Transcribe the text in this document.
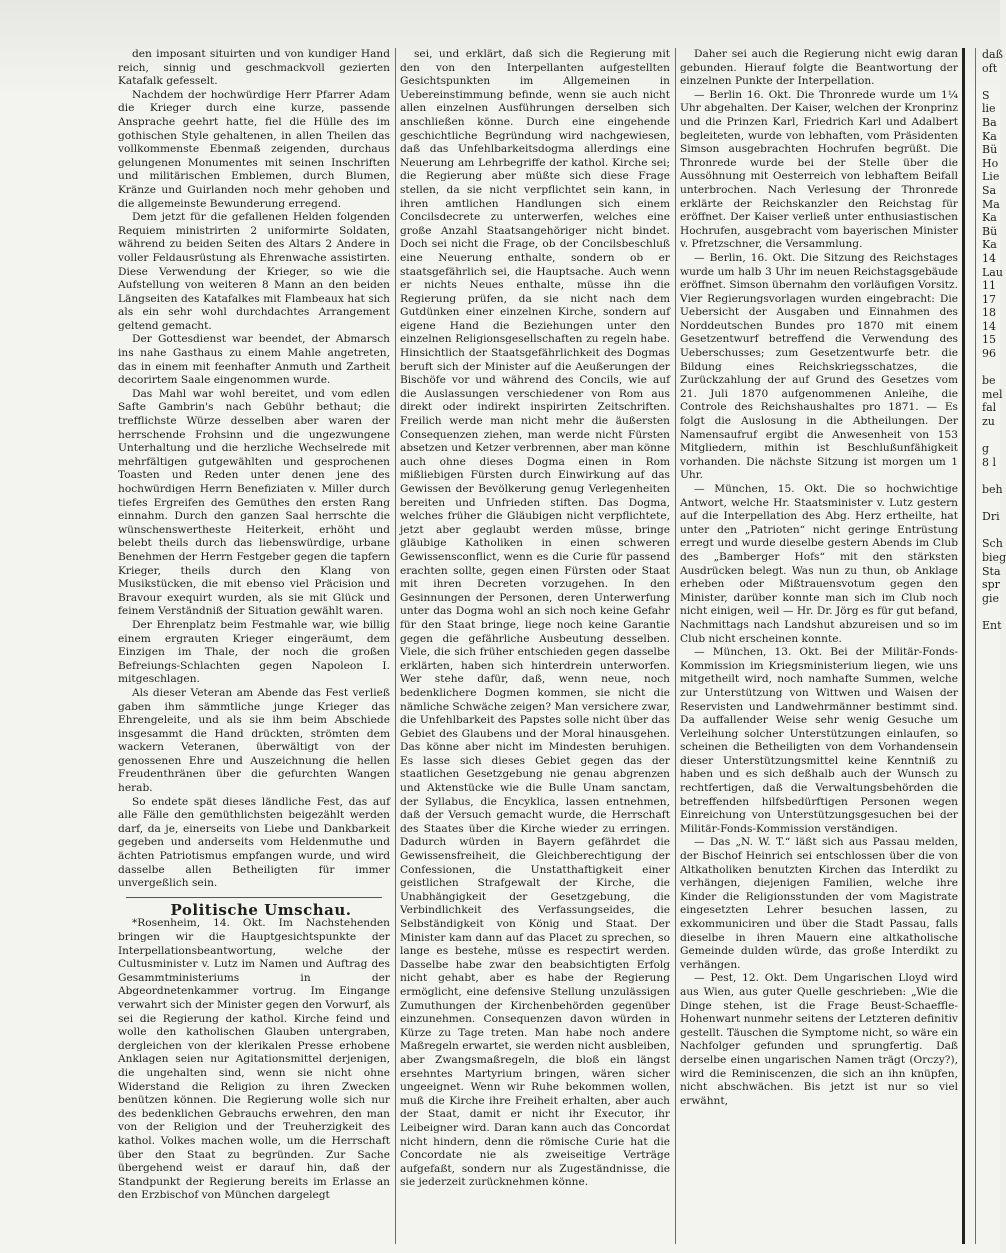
den imposant situirten und von kundiger Hand reich, sinnig und geschmackvoll gezierten Katafalk gefesselt.

Nachdem der hochwürdige Herr Pfarrer Adam die Krieger durch eine kurze, passende Ansprache geehrt hatte, fiel die Hülle des im gothischen Style gehaltenen, in allen Theilen das vollkommenste Ebenmaß zeigenden, durchaus gelungenen Monumentes mit seinen Inschriften und militärischen Emblemen, durch Blumen, Kränze und Guirlanden noch mehr gehoben und die allgemeinste Bewunderung erregend.

Dem jetzt für die gefallenen Helden folgenden Requiem ministrirten 2 uniformirte Soldaten, während zu beiden Seiten des Altars 2 Andere in voller Feldausrüstung als Ehrenwache assistirten. Diese Verwendung der Krieger, so wie die Aufstellung von weiteren 8 Mann an den beiden Längseiten des Katafalkes mit Flambeaux hat sich als ein sehr wohl durchdachtes Arrangement geltend gemacht.

Der Gottesdienst war beendet, der Abmarsch ins nahe Gasthaus zu einem Mahle angetreten, das in einem mit feenhafter Anmuth und Zartheit decorirtem Saale eingenommen wurde.

Das Mahl war wohl bereitet, und vom edlen Safte Gambrin's nach Gebühr bethaut; die trefflichste Würze desselben aber waren der herrschende Frohsinn und die ungezwungene Unterhaltung und die herzliche Wechselrede mit mehrfältigen gutgewählten und gesprochenen Toasten und Reden unter denen jene des hochwürdigen Herrn Benefiziaten v. Miller durch tiefes Ergreifen des Gemüthes den ersten Rang einnahm. Durch den ganzen Saal herrschte die wünschenswertheste Heiterkeit, erhöht und belebt theils durch das liebenswürdige, urbane Benehmen der Herrn Festgeber gegen die tapfern Krieger, theils durch den Klang von Musikstücken, die mit ebenso viel Präcision und Bravour exequirt wurden, als sie mit Glück und feinem Verständniß der Situation gewählt waren.

Der Ehrenplatz beim Festmahle war, wie billig einem ergrauten Krieger eingeräumt, dem Einzigen im Thale, der noch die großen Befreiungs-Schlachten gegen Napoleon I. mitgeschlagen.

Als dieser Veteran am Abende das Fest verließ gaben ihm sämmtliche junge Krieger das Ehrengeleite, und als sie ihm beim Abschiede insgesammt die Hand drückten, strömten dem wackern Veteranen, überwältigt von der genossenen Ehre und Auszeichnung die hellen Freudenthränen über die gefurchten Wangen herab.

So endete spät dieses ländliche Fest, das auf alle Fälle den gemüthlichsten beigezählt werden darf, da je, einerseits von Liebe und Dankbarkeit gegeben und anderseits vom Heldenmuthe und ächten Patriotismus empfangen wurde, und wird dasselbe allen Betheiligten für immer unvergeßlich sein.

Politische Umschau.

*Rosenheim, 14. Okt. Im Nachstehenden bringen wir die Hauptgesichtspunkte der Interpellationsbeantwortung, welche der Cultusminister v. Lutz im Namen und Auftrag des Gesammtministeriums in der Abgeordnetenkammer vortrug. Im Eingange verwahrt sich der Minister gegen den Vorwurf, als sei die Regierung der kathol. Kirche feind und wolle den katholischen Glauben untergraben, dergleichen von der klerikalen Presse erhobene Anklagen seien nur Agitationsmittel derjenigen, die ungehalten sind, wenn sie nicht ohne Widerstand die Religion zu ihren Zwecken benützen können. Die Regierung wolle sich nur des bedenklichen Gebrauchs erwehren, den man von der Religion und der Treuherzigkeit des kathol. Volkes machen wolle, um die Herrschaft über den Staat zu begründen. Zur Sache übergehend weist er darauf hin, daß der Standpunkt der Regierung bereits im Erlasse an den Erzbischof von München dargelegt

sei, und erklärt, daß sich die Regierung mit den von den Interpellanten aufgestellten Gesichtspunkten im Allgemeinen in Uebereinstimmung befinde, wenn sie auch nicht allen einzelnen Ausführungen derselben sich anschließen könne. Durch eine eingehende geschichtliche Begründung wird nachgewiesen, daß das Unfehlbarkeitsdogma allerdings eine Neuerung am Lehrbegriffe der kathol. Kirche sei; die Regierung aber müßte sich diese Frage stellen, da sie nicht verpflichtet sein kann, in ihren amtlichen Handlungen sich einem Concilsdecrete zu unterwerfen, welches eine große Anzahl Staatsangehöriger nicht bindet. Doch sei nicht die Frage, ob der Concilsbeschluß eine Neuerung enthalte, sondern ob er staatsgefährlich sei, die Hauptsache. Auch wenn er nichts Neues enthalte, müsse ihn die Regierung prüfen, da sie nicht nach dem Gutdünken einer einzelnen Kirche, sondern auf eigene Hand die Beziehungen unter den einzelnen Religionsgesellschaften zu regeln habe. Hinsichtlich der Staatsgefährlichkeit des Dogmas beruft sich der Minister auf die Aeußerungen der Bischöfe vor und während des Concils, wie auf die Auslassungen verschiedener von Rom aus direkt oder indirekt inspirirten Zeitschriften. Freilich werde man nicht mehr die äußersten Consequenzen ziehen, man werde nicht Fürsten absetzen und Ketzer verbrennen, aber man könne auch ohne dieses Dogma einen in Rom mißliebigen Fürsten durch Einwirkung auf das Gewissen der Bevölkerung genug Verlegenheiten bereiten und Unfrieden stiften. Das Dogma, welches früher die Gläubigen nicht verpflichtete, jetzt aber geglaubt werden müsse, bringe gläubige Katholiken in einen schweren Gewissensconflict, wenn es die Curie für passend erachten sollte, gegen einen Fürsten oder Staat mit ihren Decreten vorzugehen. In den Gesinnungen der Personen, deren Unterwerfung unter das Dogma wohl an sich noch keine Gefahr für den Staat bringe, liege noch keine Garantie gegen die gefährliche Ausbeutung desselben. Viele, die sich früher entschieden gegen dasselbe erklärten, haben sich hinterdrein unterworfen. Wer stehe dafür, daß, wenn neue, noch bedenklichere Dogmen kommen, sie nicht die nämliche Schwäche zeigen? Man versichere zwar, die Unfehlbarkeit des Papstes solle nicht über das Gebiet des Glaubens und der Moral hinausgehen. Das könne aber nicht im Mindesten beruhigen. Es lasse sich dieses Gebiet gegen das der staatlichen Gesetzgebung nie genau abgrenzen und Aktenstücke wie die Bulle Unam sanctam, der Syllabus, die Encyklica, lassen entnehmen, daß der Versuch gemacht wurde, die Herrschaft des Staates über die Kirche wieder zu erringen. Dadurch würden in Bayern gefährdet die Gewissensfreiheit, die Gleichberechtigung der Confessionen, die Unstatthaftigkeit einer geistlichen Strafgewalt der Kirche, die Unabhängigkeit der Gesetzgebung, die Verbindlichkeit des Verfassungseides, die Selbständigkeit von König und Staat. Der Minister kam dann auf das Placet zu sprechen, so lange es bestehe, müsse es respectirt werden. Dasselbe habe zwar den beabsichtigten Erfolg nicht gehabt, aber es habe der Regierung ermöglicht, eine defensive Stellung unzulässigen Zumuthungen der Kirchenbehörden gegenüber einzunehmen. Consequenzen davon würden in Kürze zu Tage treten. Man habe noch andere Maßregeln erwartet, sie werden nicht ausbleiben, aber Zwangsmaßregeln, die bloß ein längst ersehntes Martyrium bringen, wären sicher ungeeignet. Wenn wir Ruhe bekommen wollen, muß die Kirche ihre Freiheit erhalten, aber auch der Staat, damit er nicht ihr Executor, ihr Leibeigner wird. Daran kann auch das Concordat nicht hindern, denn die römische Curie hat die Concordate nie als zweiseitige Verträge aufgefaßt, sondern nur als Zugeständnisse, die sie jederzeit zurücknehmen könne.

Daher sei auch die Regierung nicht ewig daran gebunden. Hierauf folgte die Beantwortung der einzelnen Punkte der Interpellation.

— Berlin 16. Okt. Die Thronrede wurde um 1¼ Uhr abgehalten. Der Kaiser, welchen der Kronprinz und die Prinzen Karl, Friedrich Karl und Adalbert begleiteten, wurde von lebhaften, vom Präsidenten Simson ausgebrachten Hochrufen begrüßt. Die Thronrede wurde bei der Stelle über die Aussöhnung mit Oesterreich von lebhaftem Beifall unterbrochen. Nach Verlesung der Thronrede erklärte der Reichskanzler den Reichstag für eröffnet. Der Kaiser verließ unter enthusiastischen Hochrufen, ausgebracht vom bayerischen Minister v. Pfretzschner, die Versammlung.

— Berlin, 16. Okt. Die Sitzung des Reichstages wurde um halb 3 Uhr im neuen Reichstagsgebäude eröffnet. Simson übernahm den vorläufigen Vorsitz. Vier Regierungsvorlagen wurden eingebracht: Die Uebersicht der Ausgaben und Einnahmen des Norddeutschen Bundes pro 1870 mit einem Gesetzentwurf betreffend die Verwendung des Ueberschusses; zum Gesetzentwurfe betr. die Bildung eines Reichskriegsschatzes, die Zurückzahlung der auf Grund des Gesetzes vom 21. Juli 1870 aufgenommenen Anleihe, die Controle des Reichshaushaltes pro 1871. — Es folgt die Auslosung in die Abtheilungen. Der Namensaufruf ergibt die Anwesenheit von 153 Mitgliedern, mithin ist Beschlußunfähigkeit vorhanden. Die nächste Sitzung ist morgen um 1 Uhr.

— München, 15. Okt. Die so hochwichtige Antwort, welche Hr. Staatsminister v. Lutz gestern auf die Interpellation des Abg. Herz ertheilte, hat unter den „Patrioten“ nicht geringe Entrüstung erregt und wurde dieselbe gestern Abends im Club des „Bamberger Hofs“ mit den stärksten Ausdrücken belegt. Was nun zu thun, ob Anklage erheben oder Mißtrauensvotum gegen den Minister, darüber konnte man sich im Club noch nicht einigen, weil — Hr. Dr. Jörg es für gut befand, Nachmittags nach Landshut abzureisen und so im Club nicht erscheinen konnte.

— München, 13. Okt. Bei der Militär-Fonds-Kommission im Kriegsministerium liegen, wie uns mitgetheilt wird, noch namhafte Summen, welche zur Unterstützung von Wittwen und Waisen der Reservisten und Landwehrmänner bestimmt sind. Da auffallender Weise sehr wenig Gesuche um Verleihung solcher Unterstützungen einlaufen, so scheinen die Betheiligten von dem Vorhandensein dieser Unterstützungsmittel keine Kenntniß zu haben und es sich deßhalb auch der Wunsch zu rechtfertigen, daß die Verwaltungsbehörden die betreffenden hilfsbedürftigen Personen wegen Einreichung von Unterstützungsgesuchen bei der Militär-Fonds-Kommission verständigen.

— Das „N. W. T.“ läßt sich aus Passau melden, der Bischof Heinrich sei entschlossen über die von Altkatholiken benutzten Kirchen das Interdikt zu verhängen, diejenigen Familien, welche ihre Kinder die Religionsstunden der vom Magistrate eingesetzten Lehrer besuchen lassen, zu exkommuniciren und über die Stadt Passau, falls dieselbe in ihren Mauern eine altkatholische Gemeinde dulden würde, das große Interdikt zu verhängen.

— Pest, 12. Okt. Dem Ungarischen Lloyd wird aus Wien, aus guter Quelle geschrieben: „Wie die Dinge stehen, ist die Frage Beust-Schaeffle-Hohenwart nunmehr seitens der Letzteren definitiv gestellt. Täuschen die Symptome nicht, so wäre ein Nachfolger gefunden und sprungfertig. Daß derselbe einen ungarischen Namen trägt (Orczy?), wird die Reminiscenzen, die sich an ihn knüpfen, nicht abschwächen. Bis jetzt ist nur so viel erwähnt,

daß
oft

S
lie
Ba
Ka
Bü
Ho
Lie
Sa
Ma
Ka
Bü
Ka
14
Lau
11
17
18
14
15
96

be
mel
fal
zu

g
8 l

beh

Dri

Sch
bieg
Sta
spr
gie

Ent
